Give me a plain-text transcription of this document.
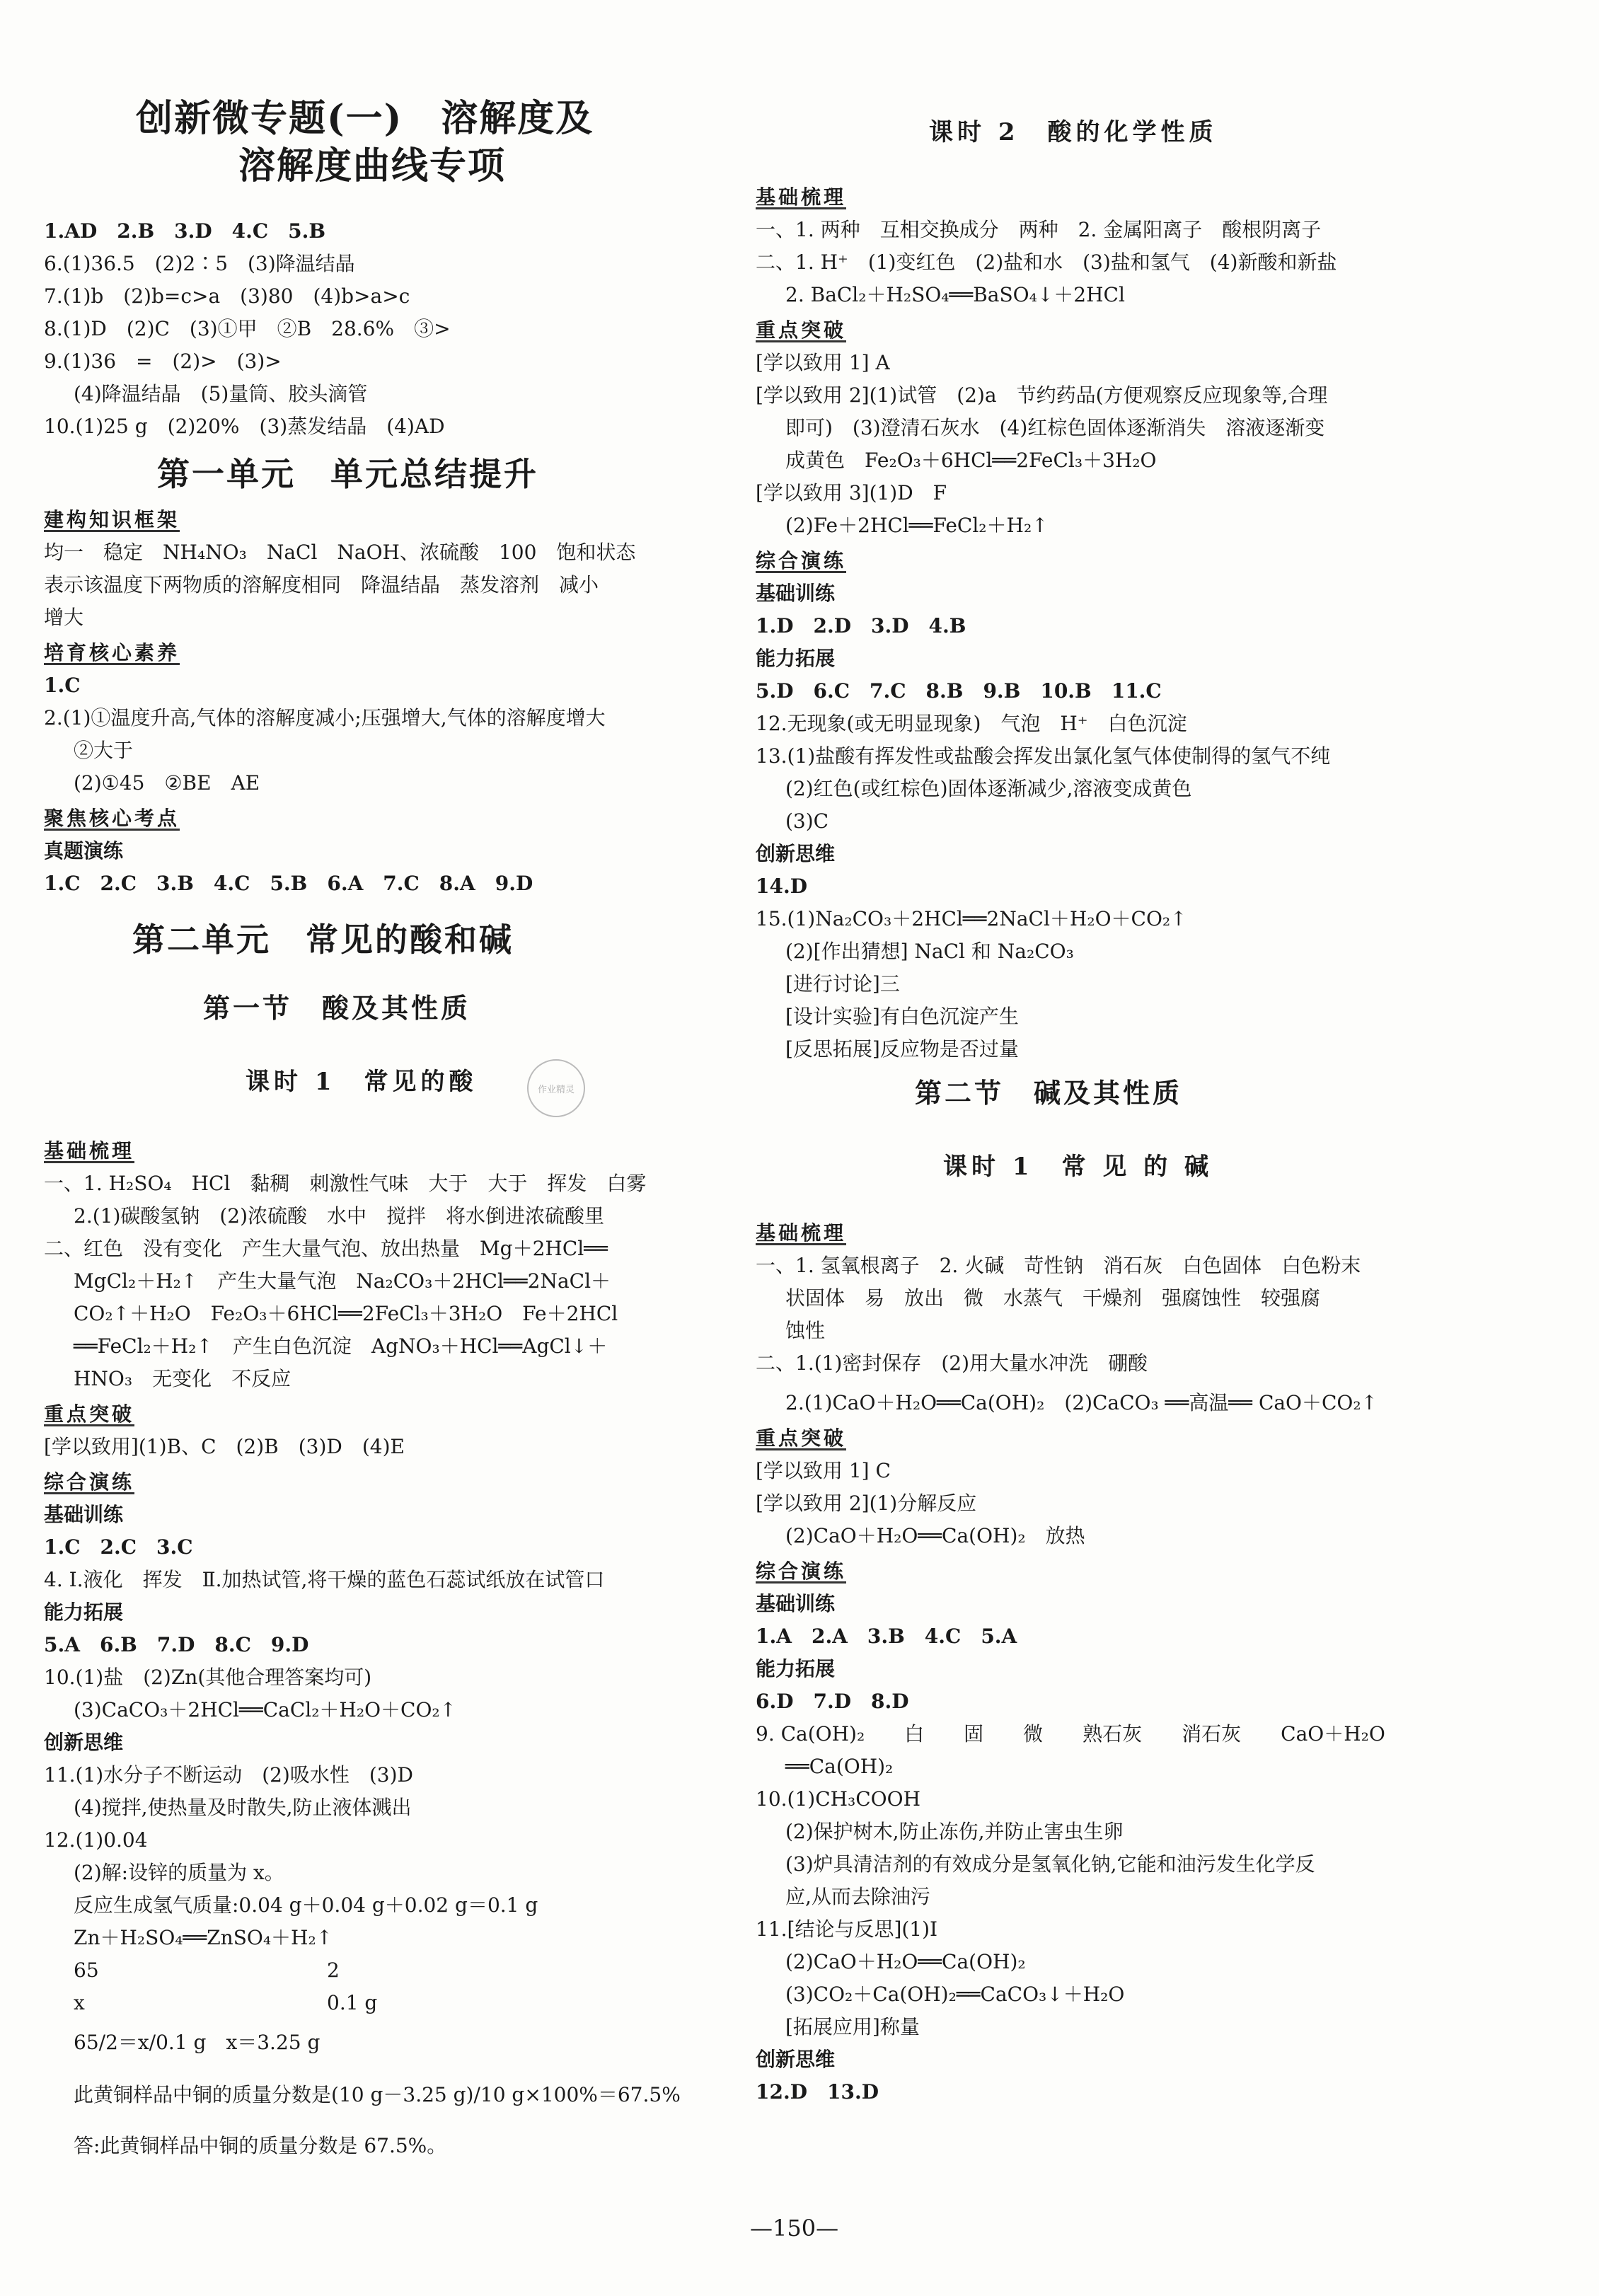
创新微专题(一)　溶解度及
溶解度曲线专项
1.AD　2.B　3.D　4.C　5.B
6.(1)36.5　(2)2∶5　(3)降温结晶
7.(1)b　(2)b=c>a　(3)80　(4)b>a>c
8.(1)D　(2)C　(3)①甲　②B　28.6%　③>
9.(1)36　=　(2)>　(3)>
(4)降温结晶　(5)量筒、胶头滴管
10.(1)25 g　(2)20%　(3)蒸发结晶　(4)AD
第一单元　单元总结提升
建构知识框架
均一　稳定　NH₄NO₃　NaCl　NaOH、浓硫酸　100　饱和状态
表示该温度下两物质的溶解度相同　降温结晶　蒸发溶剂　减小
增大
培育核心素养
1.C
2.(1)①温度升高,气体的溶解度减小;压强增大,气体的溶解度增大
②大于
(2)①45　②BE　AE
聚焦核心考点
真题演练
1.C　2.C　3.B　4.C　5.B　6.A　7.C　8.A　9.D
第二单元　常见的酸和碱
第一节　酸及其性质
课时 1　常见的酸
基础梳理
一、1. H₂SO₄　HCl　黏稠　刺激性气味　大于　大于　挥发　白雾
2.(1)碳酸氢钠　(2)浓硫酸　水中　搅拌　将水倒进浓硫酸里
二、红色　没有变化　产生大量气泡、放出热量　Mg＋2HCl══
MgCl₂＋H₂↑　产生大量气泡　Na₂CO₃＋2HCl══2NaCl＋
CO₂↑＋H₂O　Fe₂O₃＋6HCl══2FeCl₃＋3H₂O　Fe＋2HCl
══FeCl₂＋H₂↑　产生白色沉淀　AgNO₃＋HCl══AgCl↓＋
HNO₃　无变化　不反应
重点突破
[学以致用](1)B、C　(2)B　(3)D　(4)E
综合演练
基础训练
1.C　2.C　3.C
4. Ⅰ.液化　挥发　Ⅱ.加热试管,将干燥的蓝色石蕊试纸放在试管口
能力拓展
5.A　6.B　7.D　8.C　9.D
10.(1)盐　(2)Zn(其他合理答案均可)
(3)CaCO₃＋2HCl══CaCl₂＋H₂O＋CO₂↑
创新思维
11.(1)水分子不断运动　(2)吸水性　(3)D
(4)搅拌,使热量及时散失,防止液体溅出
12.(1)0.04
(2)解:设锌的质量为 x。
反应生成氢气质量:0.04 g＋0.04 g＋0.02 g＝0.1 g
Zn＋H₂SO₄══ZnSO₄＋H₂↑
65	2
x	0.1 g
65/2＝x/0.1 g　x＝3.25 g
此黄铜样品中铜的质量分数是(10 g－3.25 g)/10 g×100%＝67.5%
答:此黄铜样品中铜的质量分数是 67.5%。
作业精灵
课时 2　酸的化学性质
基础梳理
一、1. 两种　互相交换成分　两种　2. 金属阳离子　酸根阴离子
二、1. H⁺　(1)变红色　(2)盐和水　(3)盐和氢气　(4)新酸和新盐
2. BaCl₂＋H₂SO₄══BaSO₄↓＋2HCl
重点突破
[学以致用 1] A
[学以致用 2](1)试管　(2)a　节约药品(方便观察反应现象等,合理
即可)　(3)澄清石灰水　(4)红棕色固体逐渐消失　溶液逐渐变
成黄色　Fe₂O₃＋6HCl══2FeCl₃＋3H₂O
[学以致用 3](1)D　F
(2)Fe＋2HCl══FeCl₂＋H₂↑
综合演练
基础训练
1.D　2.D　3.D　4.B
能力拓展
5.D　6.C　7.C　8.B　9.B　10.B　11.C
12.无现象(或无明显现象)　气泡　H⁺　白色沉淀
13.(1)盐酸有挥发性或盐酸会挥发出氯化氢气体使制得的氢气不纯
(2)红色(或红棕色)固体逐渐减少,溶液变成黄色
(3)C
创新思维
14.D
15.(1)Na₂CO₃＋2HCl══2NaCl＋H₂O＋CO₂↑
(2)[作出猜想] NaCl 和 Na₂CO₃
[进行讨论]三
[设计实验]有白色沉淀产生
[反思拓展]反应物是否过量
第二节　碱及其性质
课时 1　常 见 的 碱
基础梳理
一、1. 氢氧根离子　2. 火碱　苛性钠　消石灰　白色固体　白色粉末
状固体　易　放出　微　水蒸气　干燥剂　强腐蚀性　较强腐
蚀性
二、1.(1)密封保存　(2)用大量水冲洗　硼酸
2.(1)CaO＋H₂O══Ca(OH)₂　(2)CaCO₃ ══高温══ CaO＋CO₂↑
重点突破
[学以致用 1] C
[学以致用 2](1)分解反应
(2)CaO＋H₂O══Ca(OH)₂　放热
综合演练
基础训练
1.A　2.A　3.B　4.C　5.A
能力拓展
6.D　7.D　8.D
9. Ca(OH)₂　　白　　固　　微　　熟石灰　　消石灰　　CaO＋H₂O
══Ca(OH)₂
10.(1)CH₃COOH
(2)保护树木,防止冻伤,并防止害虫生卵
(3)炉具清洁剂的有效成分是氢氧化钠,它能和油污发生化学反
应,从而去除油污
11.[结论与反思](1)Ⅰ
(2)CaO＋H₂O══Ca(OH)₂
(3)CO₂＋Ca(OH)₂══CaCO₃↓＋H₂O
[拓展应用]称量
创新思维
12.D　13.D
—150—
